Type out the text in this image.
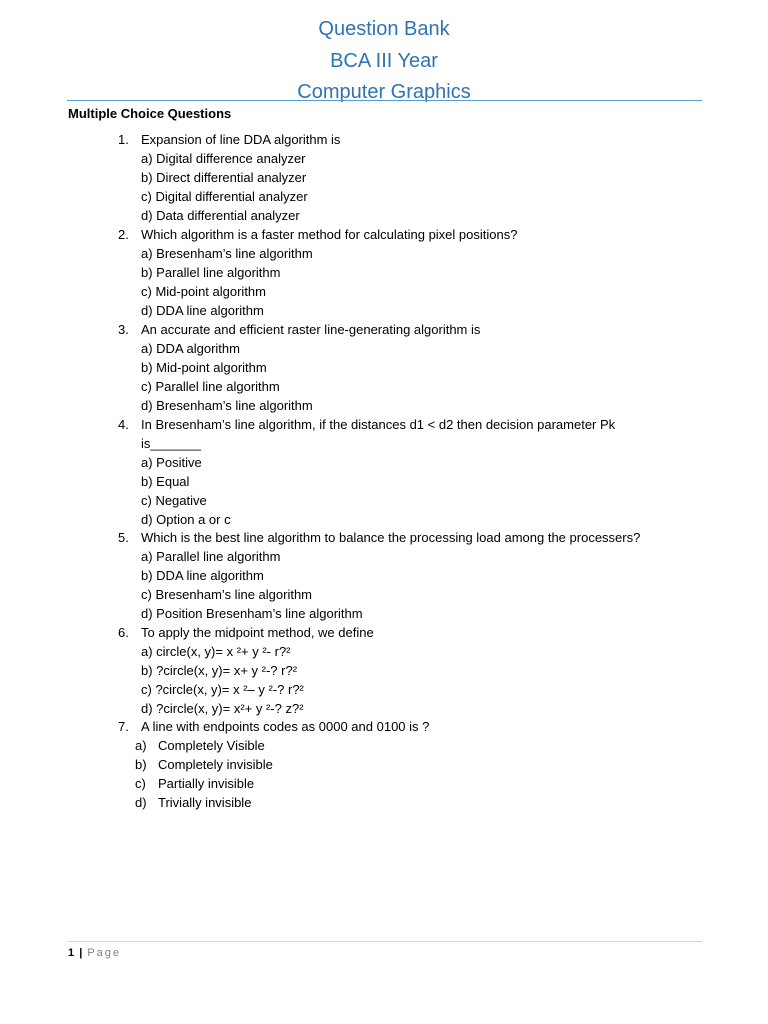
Question Bank

BCA III Year

Computer Graphics

Multiple Choice Questions
1. Expansion of line DDA algorithm is
a) Digital difference analyzer
b) Direct differential analyzer
c) Digital differential analyzer
d) Data differential analyzer
2. Which algorithm is a faster method for calculating pixel positions?
a) Bresenham’s line algorithm
b) Parallel line algorithm
c) Mid-point algorithm
d) DDA line algorithm
3. An accurate and efficient raster line-generating algorithm is
a) DDA algorithm
b) Mid-point algorithm
c) Parallel line algorithm
d) Bresenham’s line algorithm
4. In Bresenham’s line algorithm, if the distances d1 < d2 then decision parameter Pk
is_______
a) Positive
b) Equal
c) Negative
d) Option a or c
5. Which is the best line algorithm to balance the processing load among the processers?
a) Parallel line algorithm
b) DDA line algorithm
c) Bresenham’s line algorithm
d) Position Bresenham’s line algorithm
6. To apply the midpoint method, we define
a) circle(x, y)= x ²+ y ²- r?²
b) ?circle(x, y)= x+ y ²-? r?²
c) ?circle(x, y)= x ²– y ²-? r?²
d) ?circle(x, y)= x²+ y ²-? z?²
7. A line with endpoints codes as 0000 and 0100 is ?
a) Completely Visible
b) Completely invisible
c) Partially invisible
d) Trivially invisible
1 | Page
